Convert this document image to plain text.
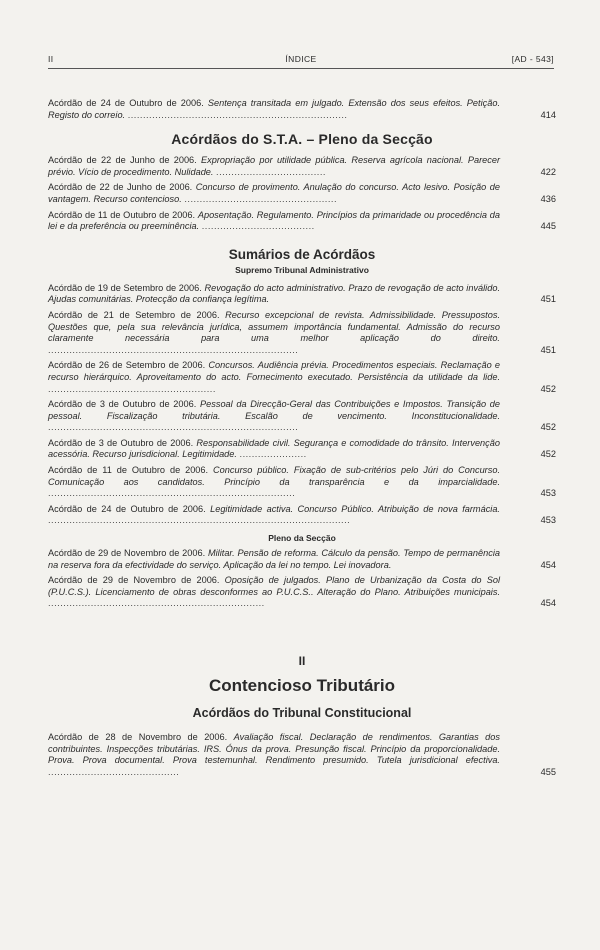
II	ÍNDICE	[AD - 543]
Acórdão de 24 de Outubro de 2006. Sentença transitada em julgado. Extensão dos seus efeitos. Petição. Registo do correio. ........................................................................	414
Acórdãos do S.T.A. – Pleno da Secção
Acórdão de 22 de Junho de 2006. Expropriação por utilidade pública. Reserva agrícola nacional. Parecer prévio. Vício de procedimento. Nulidade. ....................................	422
Acórdão de 22 de Junho de 2006. Concurso de provimento. Anulação do concurso. Acto lesivo. Posição de vantagem. Recurso contencioso. ..................................................	436
Acórdão de 11 de Outubro de 2006. Aposentação. Regulamento. Princípios da primaridade ou procedência da lei e da preferência ou preeminência. .....................................	445
Sumários de Acórdãos
Supremo Tribunal Administrativo
Acórdão de 19 de Setembro de 2006. Revogação do acto administrativo. Prazo de revogação de acto inválido. Ajudas comunitárias. Protecção da confiança legítima.	451
Acórdão de 21 de Setembro de 2006. Recurso excepcional de revista. Admissibilidade. Pressupostos. Questões que, pela sua relevância jurídica, assumem importância fundamental. Admissão do recurso claramente necessária para uma melhor aplicação do direito. ..................................................................................	451
Acórdão de 26 de Setembro de 2006. Concursos. Audiência prévia. Procedimentos especiais. Reclamação e recurso hierárquico. Aproveitamento do acto. Fornecimento executado. Persistência da utilidade da lide. .......................................................	452
Acórdão de 3 de Outubro de 2006. Pessoal da Direcção-Geral das Contribuições e Impostos. Transição de pessoal. Fiscalização tributária. Escalão de vencimento. Inconstitucionalidade. ..................................................................................	452
Acórdão de 3 de Outubro de 2006. Responsabilidade civil. Segurança e comodidade do trânsito. Intervenção acessória. Recurso jurisdicional. Legitimidade. ......................	452
Acórdão de 11 de Outubro de 2006. Concurso público. Fixação de sub-critérios pelo Júri do Concurso. Comunicação aos candidatos. Princípio da transparência e da imparcialidade. .................................................................................	453
Acórdão de 24 de Outubro de 2006. Legitimidade activa. Concurso Público. Atribuição de nova farmácia. ...................................................................................................	453
Pleno da Secção
Acórdão de 29 de Novembro de 2006. Militar. Pensão de reforma. Cálculo da pensão. Tempo de permanência na reserva fora da efectividade do serviço. Aplicação da lei no tempo. Lei inovadora.	454
Acórdão de 29 de Novembro de 2006. Oposição de julgados. Plano de Urbanização da Costa do Sol (P.U.C.S.). Licenciamento de obras desconformes ao P.U.C.S.. Alteração do Plano. Atribuições municipais. .......................................................................	454
II
Contencioso Tributário
Acórdãos do Tribunal Constitucional
Acórdão de 28 de Novembro de 2006. Avaliação fiscal. Declaração de rendimentos. Garantias dos contribuintes. Inspecções tributárias. IRS. Ónus da prova. Presunção fiscal. Princípio da proporcionalidade. Prova. Prova documental. Prova testemunhal. Rendimento presumido. Tutela jurisdicional efectiva. ...........................................	455
